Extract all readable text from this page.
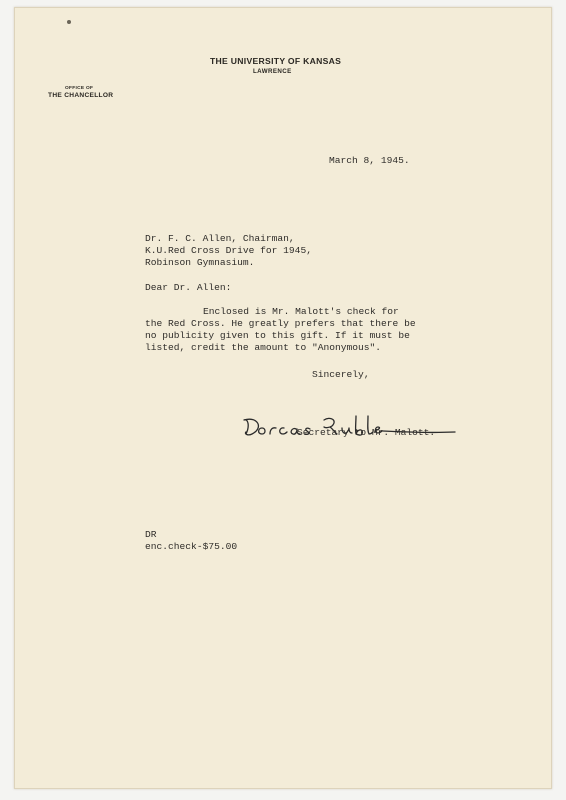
THE UNIVERSITY OF KANSAS
LAWRENCE
OFFICE OF
THE CHANCELLOR
March 8, 1945.
Dr. F. C. Allen, Chairman,
K.U.Red Cross Drive for 1945,
Robinson Gymnasium.
Dear Dr. Allen:
Enclosed is Mr. Malott's check for
the Red Cross. He greatly prefers that there be
no publicity given to this gift. If it must be
listed, credit the amount to "Anonymous".
Sincerely,
Secretary to Mr. Malott.
DR
enc.check-$75.00
